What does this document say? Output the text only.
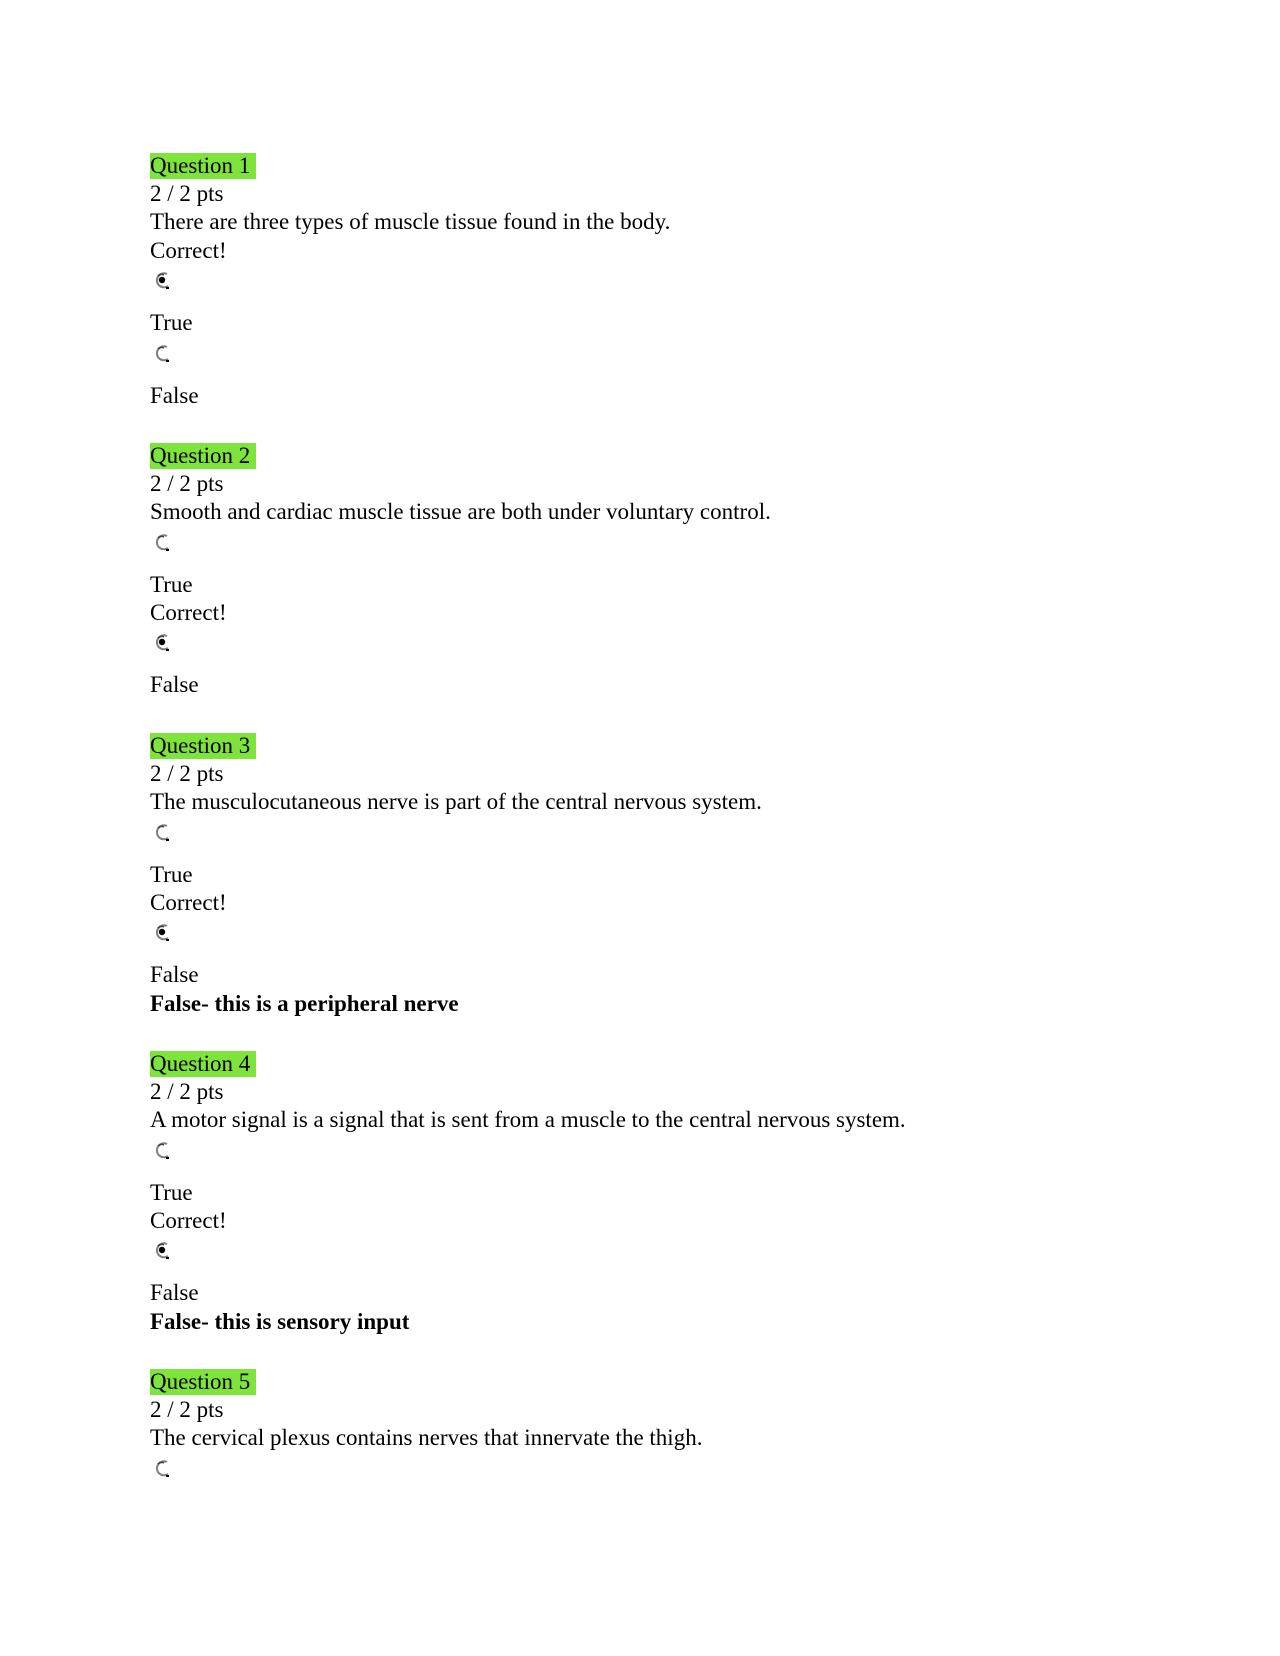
Question 1
2 / 2 pts
There are three types of muscle tissue found in the body.
Correct!
True
False
Question 2
2 / 2 pts
Smooth and cardiac muscle tissue are both under voluntary control.
True
Correct!
False
Question 3
2 / 2 pts
The musculocutaneous nerve is part of the central nervous system.
True
Correct!
False
False- this is a peripheral nerve
Question 4
2 / 2 pts
A motor signal is a signal that is sent from a muscle to the central nervous system.
True
Correct!
False
False- this is sensory input
Question 5
2 / 2 pts
The cervical plexus contains nerves that innervate the thigh.
